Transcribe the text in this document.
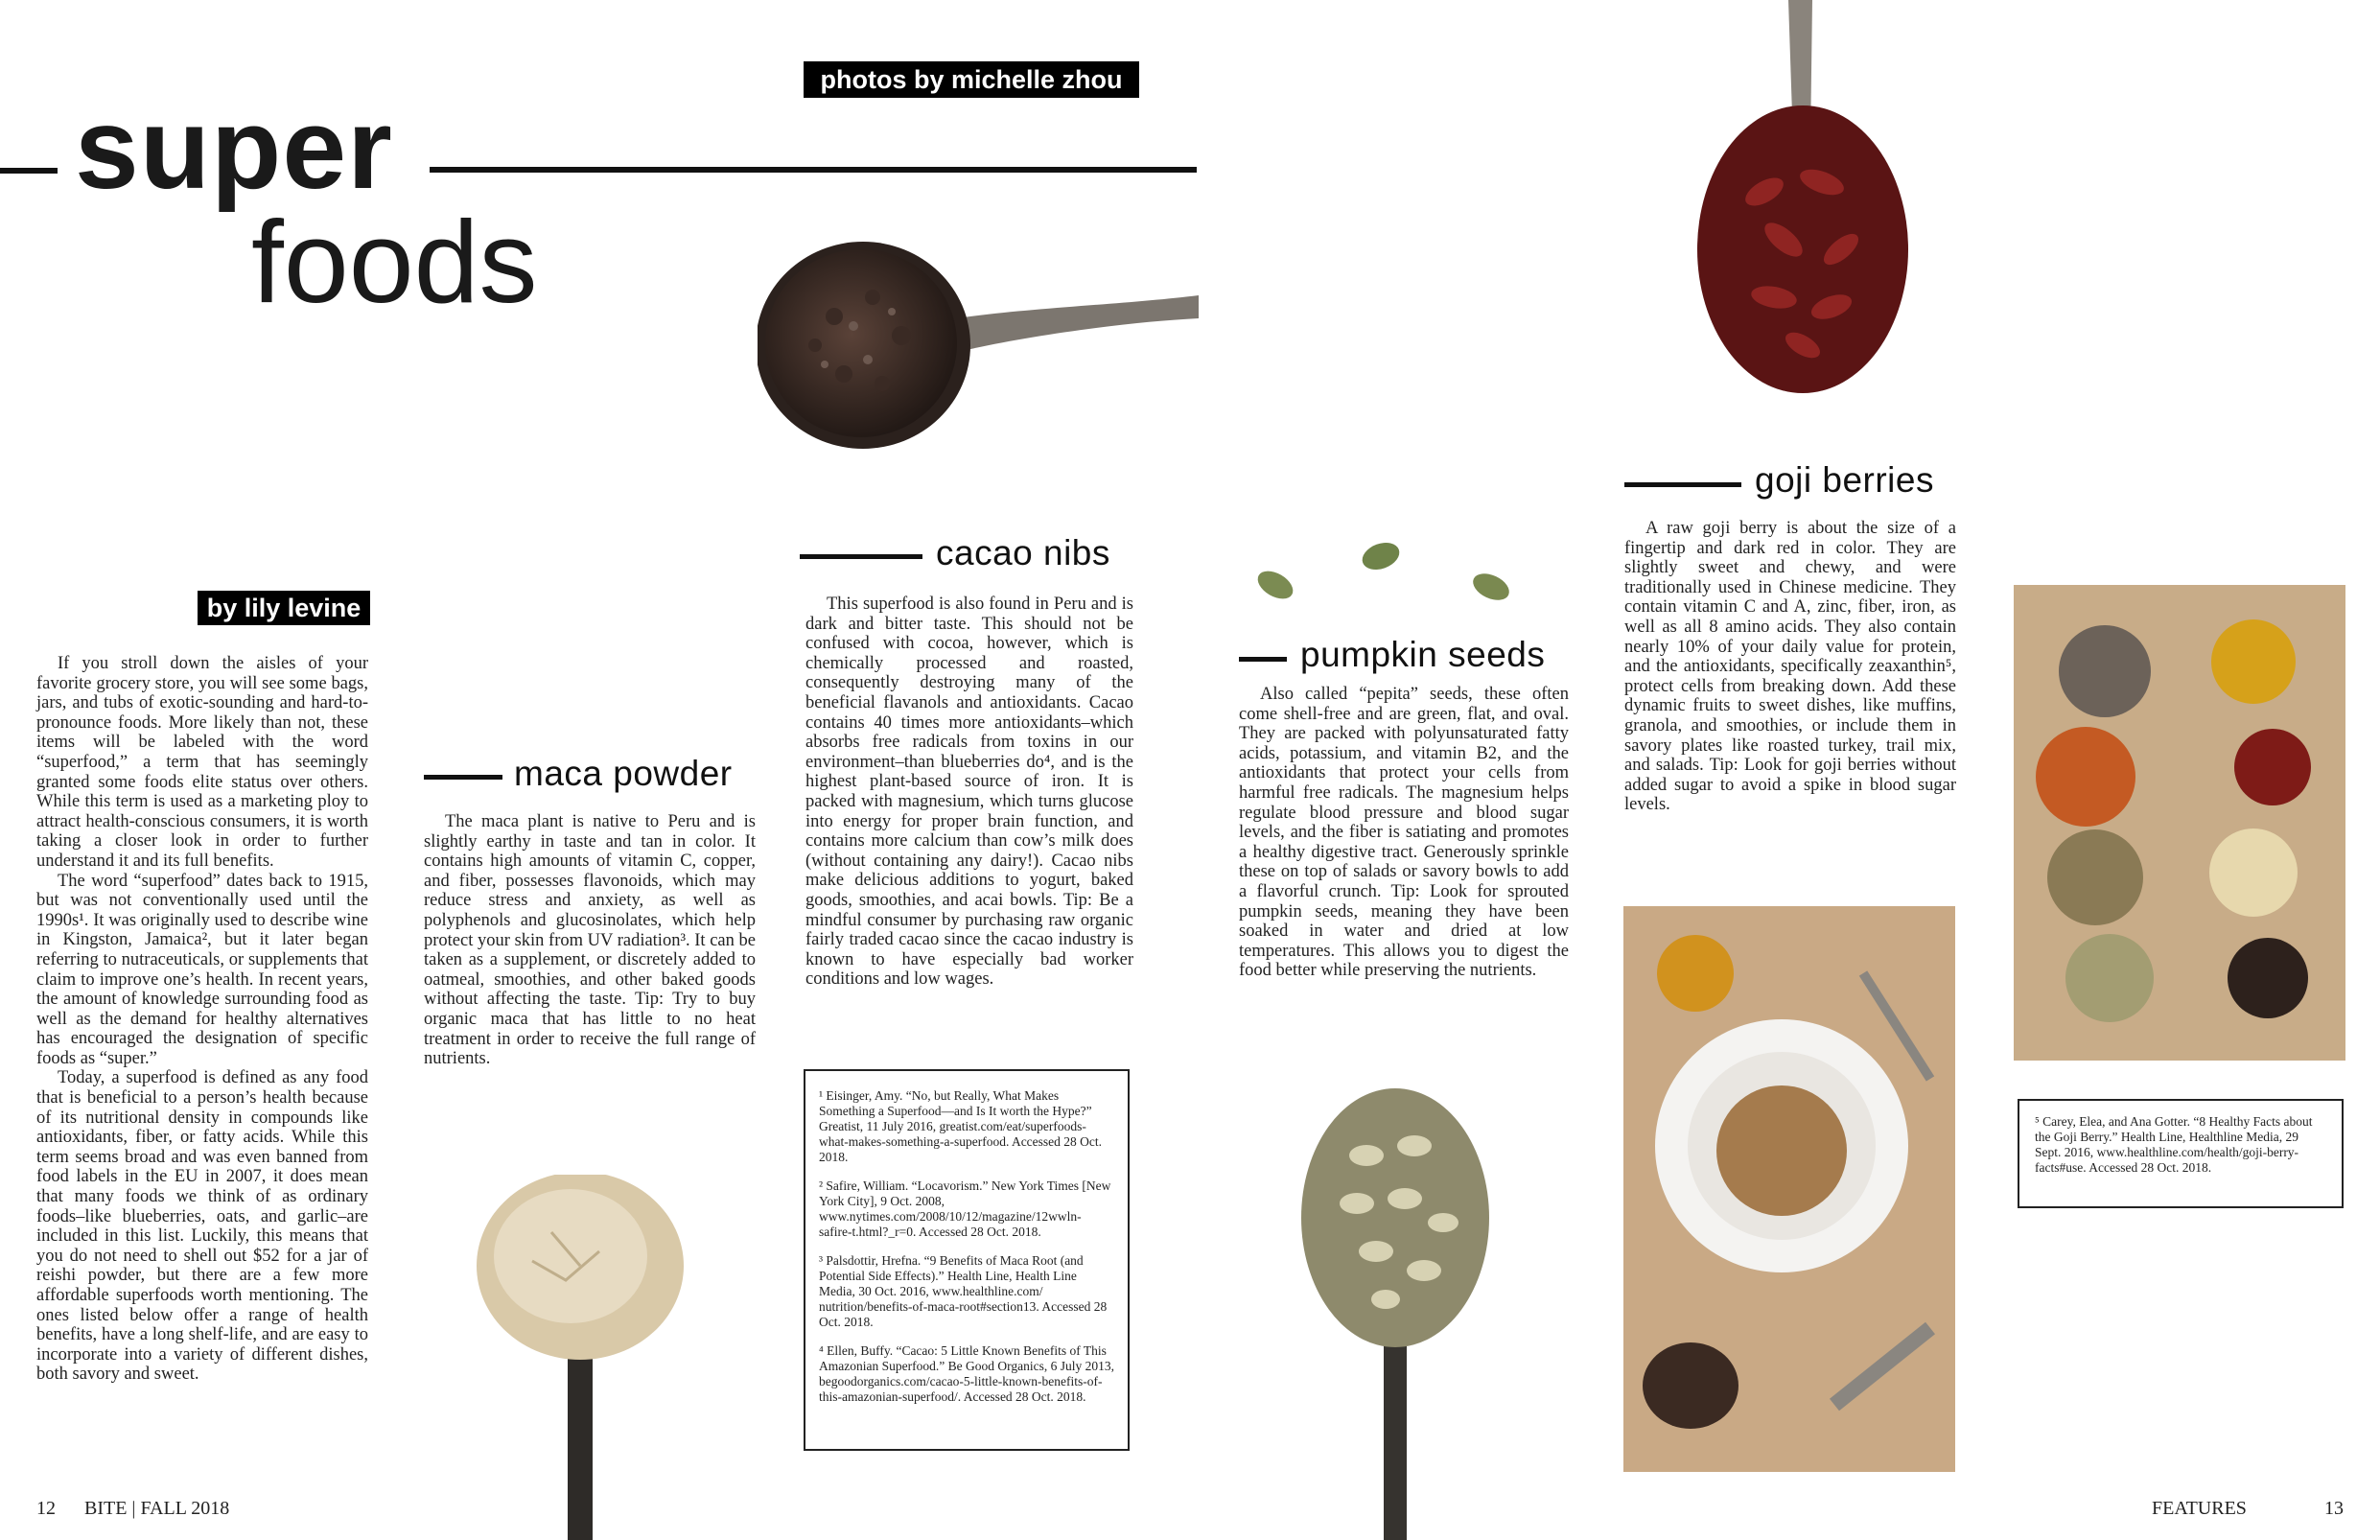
super
foods
photos by michelle zhou
by lily levine

If you stroll down the aisles of your favorite grocery store, you will see some bags, jars, and tubs of exotic-sounding and hard-to-pronounce foods. More likely than not, these items will be labeled with the word “superfood,” a term that has seemingly granted some foods elite status over others. While this term is used as a marketing ploy to attract health-conscious consumers, it is worth taking a closer look in order to further understand it and its full benefits.

The word “superfood” dates back to 1915, but was not conventionally used until the 1990s¹. It was originally used to describe wine in Kingston, Jamaica², but it later began referring to nutraceuticals, or supplements that claim to improve one’s health. In recent years, the amount of knowledge surrounding food as well as the demand for healthy alternatives has encouraged the designation of specific foods as “super.”

Today, a superfood is defined as any food that is beneficial to a person’s health because of its nutritional density in compounds like antioxidants, fiber, or fatty acids. While this term seems broad and was even banned from food labels in the EU in 2007, it does mean that many foods we think of as ordinary foods–like blueberries, oats, and garlic–are included in this list. Luckily, this means that you do not need to shell out $52 for a jar of reishi powder, but there are a few more affordable superfoods worth mentioning. The ones listed below offer a range of health benefits, have a long shelf-life, and are easy to incorporate into a variety of different dishes, both savory and sweet.

maca powder

The maca plant is native to Peru and is slightly earthy in taste and tan in color. It contains high amounts of vitamin C, copper, and fiber, possesses flavonoids, which may reduce stress and anxiety, as well as polyphenols and glucosinolates, which help protect your skin from UV radiation³. It can be taken as a supplement, or discretely added to oatmeal, smoothies, and other baked goods without affecting the taste. Tip: Try to buy organic maca that has little to no heat treatment in order to receive the full range of nutrients.

cacao nibs

This superfood is also found in Peru and is dark and bitter taste. This should not be confused with cocoa, however, which is chemically processed and roasted, consequently destroying many of the beneficial flavanols and antioxidants. Cacao contains 40 times more antioxidants–which absorbs free radicals from toxins in our environment–than blueberries do⁴, and is the highest plant-based source of iron. It is packed with magnesium, which turns glucose into energy for proper brain function, and contains more calcium than cow’s milk does (without containing any dairy!). Cacao nibs make delicious additions to yogurt, baked goods, smoothies, and acai bowls. Tip: Be a mindful consumer by purchasing raw organic fairly traded cacao since the cacao industry is known to have especially bad worker conditions and low wages.

¹ Eisinger, Amy. “No, but Really, What Makes Something a Superfood—and Is It worth the Hype?” Greatist, 11 July 2016, greatist.com/eat/superfoods-what-makes-something-a-superfood. Accessed 28 Oct. 2018.

² Safire, William. “Locavorism.” New York Times [New York City], 9 Oct. 2008, www.nytimes.com/2008/10/12/magazine/12wwln-safire-t.html?_r=0. Accessed 28 Oct. 2018.

³ Palsdottir, Hrefna. “9 Benefits of Maca Root (and Potential Side Effects).” Health Line, Health Line Media, 30 Oct. 2016, www.healthline.com/ nutrition/benefits-of-maca-root#section13. Accessed 28 Oct. 2018.

⁴ Ellen, Buffy. “Cacao: 5 Little Known Benefits of This Amazonian Superfood.” Be Good Organics, 6 July 2013, begoodorganics.com/cacao-5-little-known-benefits-of-this-amazonian-superfood/. Accessed 28 Oct. 2018.

pumpkin seeds

Also called “pepita” seeds, these often come shell-free and are green, flat, and oval. They are packed with polyunsaturated fatty acids, potassium, and vitamin B2, and the antioxidants that protect your cells from harmful free radicals. The magnesium helps regulate blood pressure and blood sugar levels, and the fiber is satiating and promotes a healthy digestive tract. Generously sprinkle these on top of salads or savory bowls to add a flavorful crunch. Tip: Look for sprouted pumpkin seeds, meaning they have been soaked in water and dried at low temperatures. This allows you to digest the food better while preserving the nutrients.

goji berries

A raw goji berry is about the size of a fingertip and dark red in color. They are slightly sweet and chewy, and were traditionally used in Chinese medicine. They contain vitamin C and A, zinc, fiber, iron, as well as all 8 amino acids. They also contain nearly 10% of your daily value for protein, and the antioxidants, specifically zeaxanthin⁵, protect cells from breaking down. Add these dynamic fruits to sweet dishes, like muffins, granola, and smoothies, or include them in savory plates like roasted turkey, trail mix, and salads. Tip: Look for goji berries without added sugar to avoid a spike in blood sugar levels.

⁵ Carey, Elea, and Ana Gotter. “8 Healthy Facts about the Goji Berry.” Health Line, Healthline Media, 29 Sept. 2016, www.healthline.com/health/goji-berry-facts#use. Accessed 28 Oct. 2018.

12 BITE | FALL 2018	FEATURES	13
